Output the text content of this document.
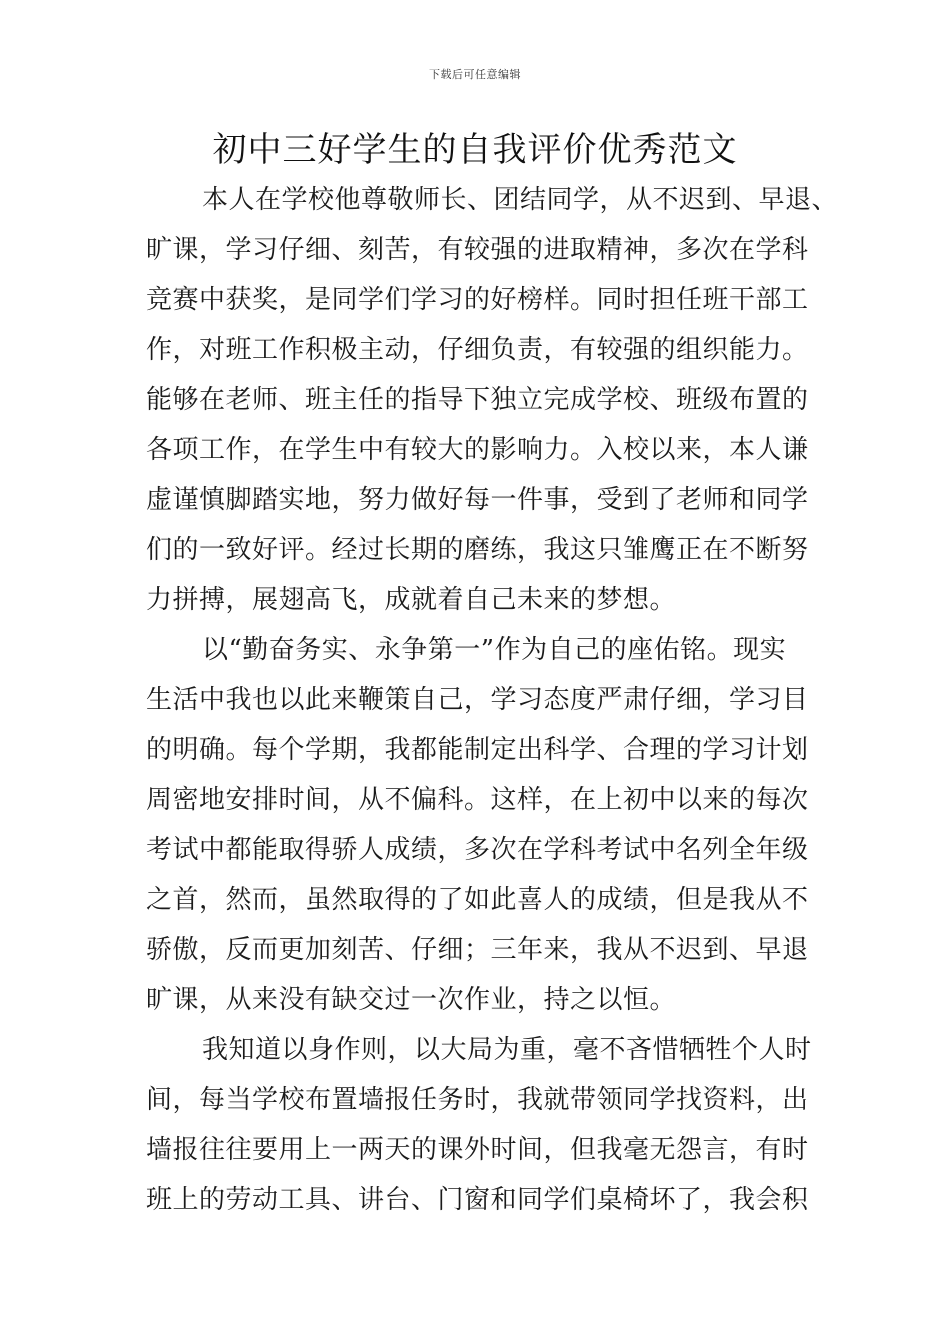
下载后可任意编辑
初中三好学生的自我评价优秀范文
本人在学校他尊敬师长、团结同学，从不迟到、早退、
旷课，学习仔细、刻苦，有较强的进取精神，多次在学科
竞赛中获奖，是同学们学习的好榜样。同时担任班干部工
作，对班工作积极主动，仔细负责，有较强的组织能力。
能够在老师、班主任的指导下独立完成学校、班级布置的
各项工作，在学生中有较大的影响力。入校以来，本人谦
虚谨慎脚踏实地，努力做好每一件事，受到了老师和同学
们的一致好评。经过长期的磨练，我这只雏鹰正在不断努
力拼搏，展翅高飞，成就着自己未来的梦想。
以“勤奋务实、永争第一”作为自己的座佑铭。现实
生活中我也以此来鞭策自己，学习态度严肃仔细，学习目
的明确。每个学期，我都能制定出科学、合理的学习计划
周密地安排时间，从不偏科。这样，在上初中以来的每次
考试中都能取得骄人成绩，多次在学科考试中名列全年级
之首，然而，虽然取得的了如此喜人的成绩，但是我从不
骄傲，反而更加刻苦、仔细；三年来，我从不迟到、早退
旷课，从来没有缺交过一次作业，持之以恒。
我知道以身作则，以大局为重，毫不吝惜牺牲个人时
间，每当学校布置墙报任务时，我就带领同学找资料，出
墙报往往要用上一两天的课外时间，但我毫无怨言，有时
班上的劳动工具、讲台、门窗和同学们桌椅坏了，我会积
